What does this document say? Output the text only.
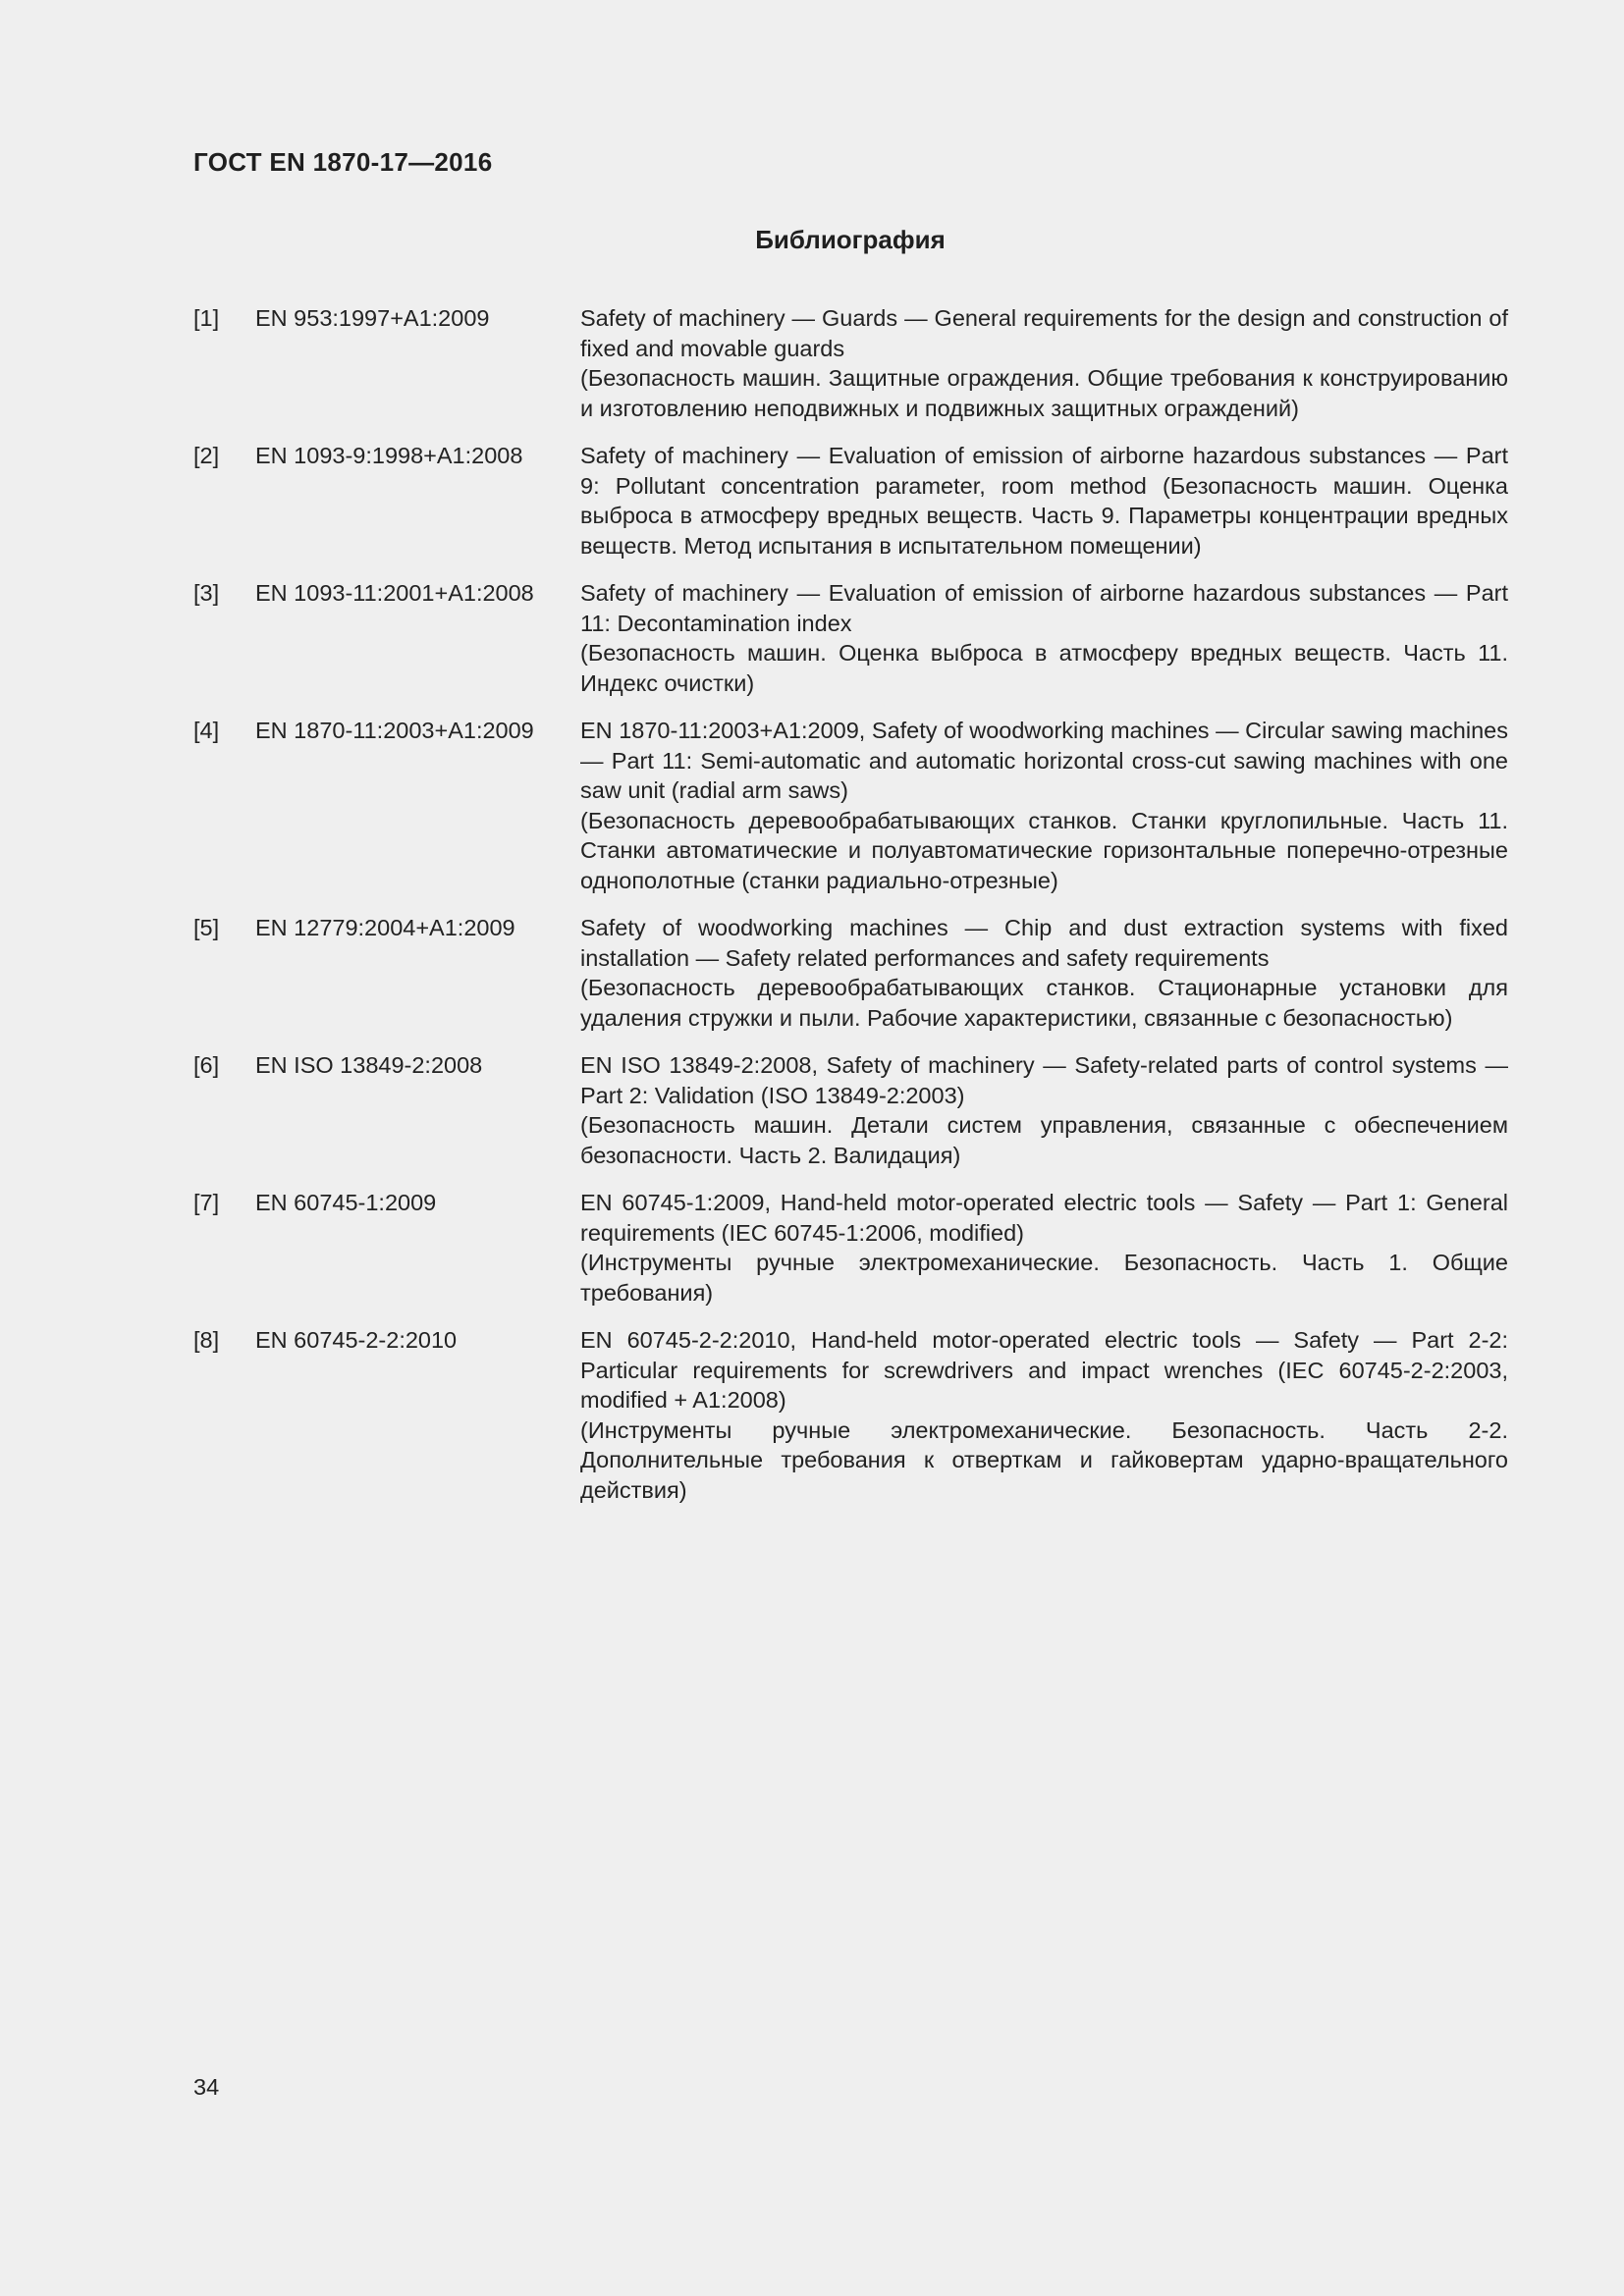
ГОСТ EN 1870-17—2016
Библиография
[1]	EN 953:1997+A1:2009	Safety of machinery — Guards — General requirements for the design and construction of fixed and movable guards
(Безопасность машин. Защитные ограждения. Общие требования к конструированию и изготовлению неподвижных и подвижных защитных ограждений)
[2]	EN 1093-9:1998+A1:2008	Safety of machinery — Evaluation of emission of airborne hazardous substances — Part 9: Pollutant concentration parameter, room method (Безопасность машин. Оценка выброса в атмосферу вредных веществ. Часть 9. Параметры концентрации вредных веществ. Метод испытания в испытательном помещении)
[3]	EN 1093-11:2001+A1:2008	Safety of machinery — Evaluation of emission of airborne hazardous substances — Part 11: Decontamination index
(Безопасность машин. Оценка выброса в атмосферу вредных веществ. Часть 11. Индекс очистки)
[4]	EN 1870-11:2003+A1:2009	EN 1870-11:2003+A1:2009, Safety of woodworking machines — Circular sawing machines — Part 11: Semi-automatic and automatic horizontal cross-cut sawing machines with one saw unit (radial arm saws)
(Безопасность деревообрабатывающих станков. Станки круглопильные. Часть 11. Станки автоматические и полуавтоматические горизонтальные поперечно-отрезные однополотные (станки радиально-отрезные)
[5]	EN 12779:2004+A1:2009	Safety of woodworking machines — Chip and dust extraction systems with fixed installation — Safety related performances and safety requirements
(Безопасность деревообрабатывающих станков. Стационарные установки для удаления стружки и пыли. Рабочие характеристики, связанные с безопасностью)
[6]	EN ISO 13849-2:2008	EN ISO 13849-2:2008, Safety of machinery — Safety-related parts of control systems — Part 2: Validation (ISO 13849-2:2003)
(Безопасность машин. Детали систем управления, связанные с обеспечением безопасности. Часть 2. Валидация)
[7]	EN 60745-1:2009	EN 60745-1:2009, Hand-held motor-operated electric tools — Safety — Part 1: General requirements (IEC 60745-1:2006, modified)
(Инструменты ручные электромеханические. Безопасность. Часть 1. Общие требования)
[8]	EN 60745-2-2:2010	EN 60745-2-2:2010, Hand-held motor-operated electric tools — Safety — Part 2-2: Particular requirements for screwdrivers and impact wrenches (IEC 60745-2-2:2003, modified + A1:2008)
(Инструменты ручные электромеханические. Безопасность. Часть 2-2. Дополнительные требования к отверткам и гайковертам ударно-вращательного действия)
34
